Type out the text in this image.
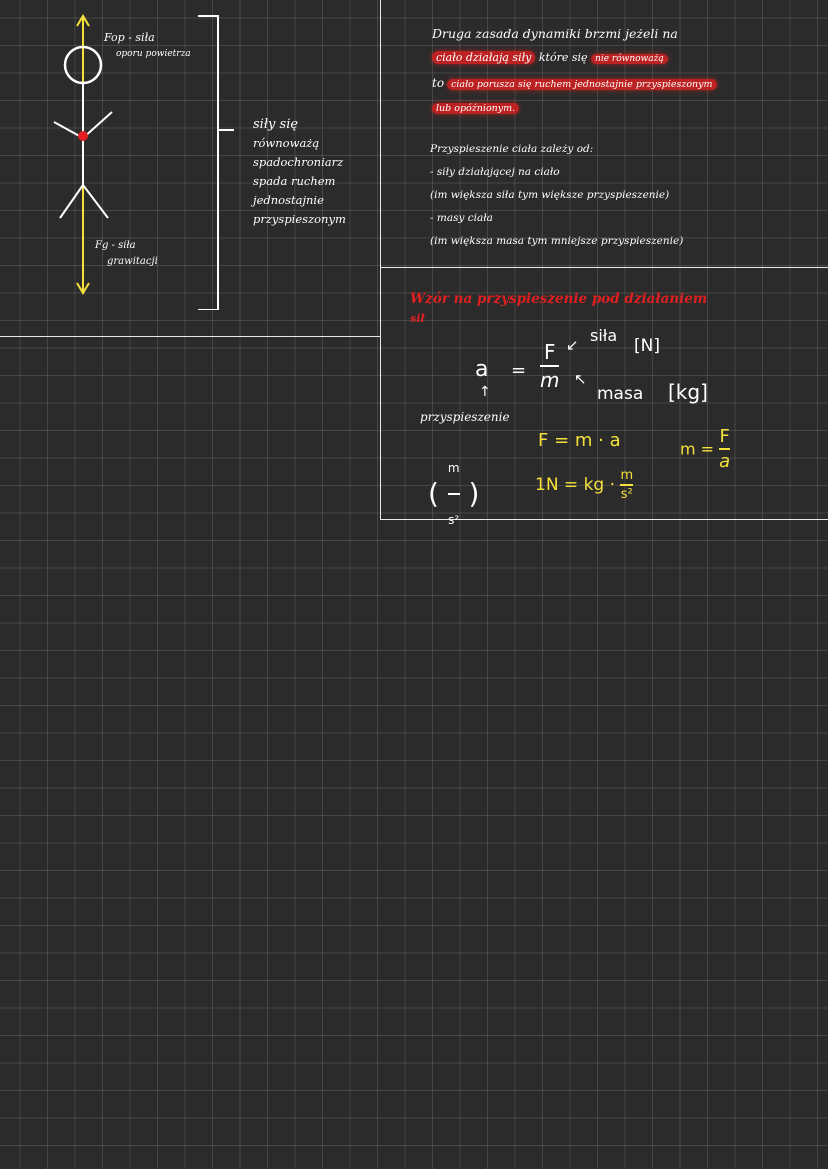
Fop - siła
oporu powietrza
Fg - siła
grawitacji
siły się
równoważą
spadochroniarz
spada ruchem
jednostajnie
przyspieszonym
Druga zasada dynamiki brzmi jeżeli na
ciało działają siły które się nie równoważą
to ciało porusza się ruchem jednostajnie przyspieszonym
lub opóźnionym.
Przyspieszenie ciała zależy od:
- siły działającej na ciało
(im większa siła tym większe przyspieszenie)
- masy ciała
(im większa masa tym mniejsze przyspieszenie)
Wzór na przyspieszenie pod działaniem
sił
siła
[N]
a
↑
= $\frac{F}{m}$ ↙
↖
masa [kg]
przyspieszenie
( $\frac{m}{\text{s²}}$ )
F = m · a	$m = \frac{F}{a}$
1N = kg · $\frac{m}{\text{s²}}$
